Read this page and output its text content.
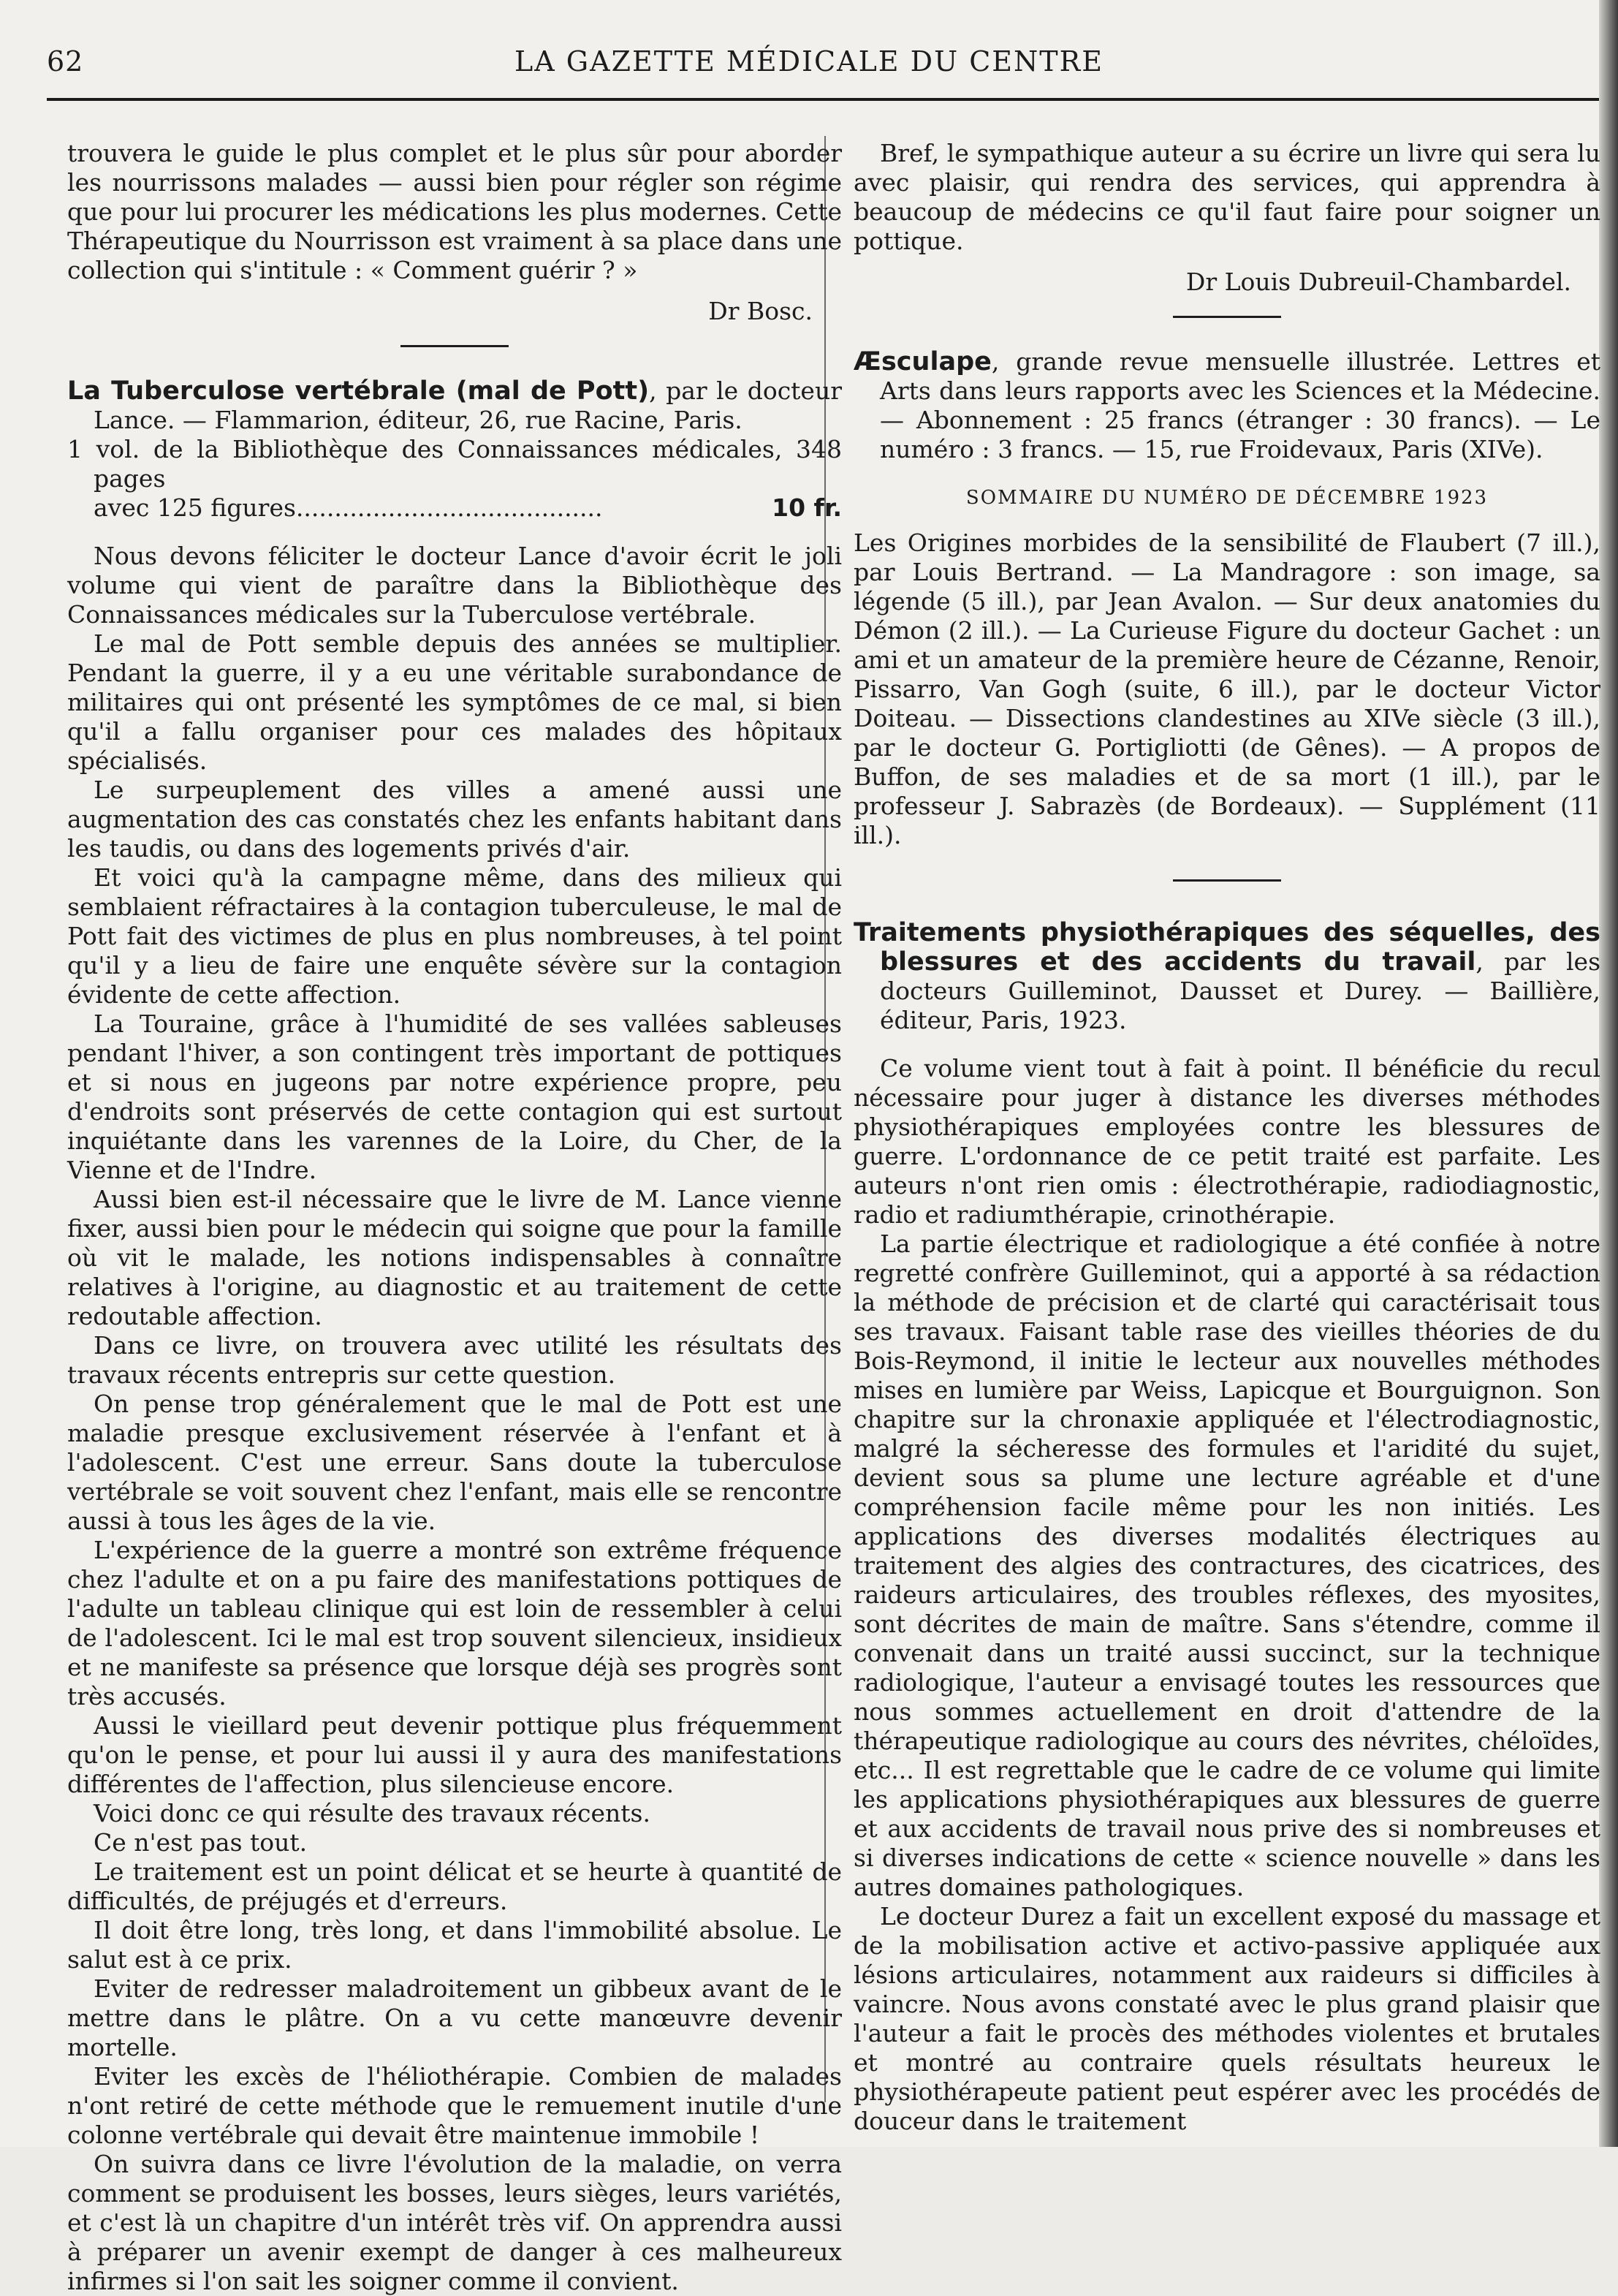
62	LA GAZETTE MÉDICALE DU CENTRE

trouvera le guide le plus complet et le plus sûr pour aborder les nourrissons malades — aussi bien pour régler son régime que pour lui procurer les médications les plus modernes. Cette Thérapeutique du Nourrisson est vraiment à sa place dans une collection qui s'intitule : « Comment guérir ? »

Dr Bosc.

La Tuberculose vertébrale (mal de Pott), par le docteur Lance. — Flammarion, éditeur, 26, rue Racine, Paris.

1 vol. de la Bibliothèque des Connaissances médicales, 348 pages

avec 125 figures........................................	10 fr.

Nous devons féliciter le docteur Lance d'avoir écrit le joli volume qui vient de paraître dans la Bibliothèque des Connaissances médicales sur la Tuberculose vertébrale.

Le mal de Pott semble depuis des années se multiplier. Pendant la guerre, il y a eu une véritable surabondance de militaires qui ont présenté les symptômes de ce mal, si bien qu'il a fallu organiser pour ces malades des hôpitaux spécialisés.

Le surpeuplement des villes a amené aussi une augmentation des cas constatés chez les enfants habitant dans les taudis, ou dans des logements privés d'air.

Et voici qu'à la campagne même, dans des milieux qui semblaient réfractaires à la contagion tuberculeuse, le mal de Pott fait des victimes de plus en plus nombreuses, à tel point qu'il y a lieu de faire une enquête sévère sur la contagion évidente de cette affection.

La Touraine, grâce à l'humidité de ses vallées sableuses pendant l'hiver, a son contingent très important de pottiques et si nous en jugeons par notre expérience propre, peu d'endroits sont préservés de cette contagion qui est surtout inquiétante dans les varennes de la Loire, du Cher, de la Vienne et de l'Indre.

Aussi bien est-il nécessaire que le livre de M. Lance vienne fixer, aussi bien pour le médecin qui soigne que pour la famille où vit le malade, les notions indispensables à connaître relatives à l'origine, au diagnostic et au traitement de cette redoutable affection.

Dans ce livre, on trouvera avec utilité les résultats des travaux récents entrepris sur cette question.

On pense trop généralement que le mal de Pott est une maladie presque exclusivement réservée à l'enfant et à l'adolescent. C'est une erreur. Sans doute la tuberculose vertébrale se voit souvent chez l'enfant, mais elle se rencontre aussi à tous les âges de la vie.

L'expérience de la guerre a montré son extrême fréquence chez l'adulte et on a pu faire des manifestations pottiques de l'adulte un tableau clinique qui est loin de ressembler à celui de l'adolescent. Ici le mal est trop souvent silencieux, insidieux et ne manifeste sa présence que lorsque déjà ses progrès sont très accusés.

Aussi le vieillard peut devenir pottique plus fréquemment qu'on le pense, et pour lui aussi il y aura des manifestations différentes de l'affection, plus silencieuse encore.

Voici donc ce qui résulte des travaux récents.

Ce n'est pas tout.

Le traitement est un point délicat et se heurte à quantité de difficultés, de préjugés et d'erreurs.

Il doit être long, très long, et dans l'immobilité absolue. Le salut est à ce prix.

Eviter de redresser maladroitement un gibbeux avant de le mettre dans le plâtre. On a vu cette manœuvre devenir mortelle.

Eviter les excès de l'héliothérapie. Combien de malades n'ont retiré de cette méthode que le remuement inutile d'une colonne vertébrale qui devait être maintenue immobile !

On suivra dans ce livre l'évolution de la maladie, on verra comment se produisent les bosses, leurs sièges, leurs variétés, et c'est là un chapitre d'un intérêt très vif. On apprendra aussi à préparer un avenir exempt de danger à ces malheureux infirmes si l'on sait les soigner comme il convient.

Bref, le sympathique auteur a su écrire un livre qui sera lu avec plaisir, qui rendra des services, qui apprendra à beaucoup de médecins ce qu'il faut faire pour soigner un pottique.

Dr Louis Dubreuil-Chambardel.

Æsculape, grande revue mensuelle illustrée. Lettres et Arts dans leurs rapports avec les Sciences et la Médecine. — Abonnement : 25 francs (étranger : 30 francs). — Le numéro : 3 francs. — 15, rue Froidevaux, Paris (XIVe).

SOMMAIRE DU NUMÉRO DE DÉCEMBRE 1923

Les Origines morbides de la sensibilité de Flaubert (7 ill.), par Louis Bertrand. — La Mandragore : son image, sa légende (5 ill.), par Jean Avalon. — Sur deux anatomies du Démon (2 ill.). — La Curieuse Figure du docteur Gachet : un ami et un amateur de la première heure de Cézanne, Renoir, Pissarro, Van Gogh (suite, 6 ill.), par le docteur Victor Doiteau. — Dissections clandestines au XIVe siècle (3 ill.), par le docteur G. Portigliotti (de Gênes). — A propos de Buffon, de ses maladies et de sa mort (1 ill.), par le professeur J. Sabrazès (de Bordeaux). — Supplément (11 ill.).

Traitements physiothérapiques des séquelles, des blessures et des accidents du travail, par les docteurs Guilleminot, Dausset et Durey. — Baillière, éditeur, Paris, 1923.

Ce volume vient tout à fait à point. Il bénéficie du recul nécessaire pour juger à distance les diverses méthodes physiothérapiques employées contre les blessures de guerre. L'ordonnance de ce petit traité est parfaite. Les auteurs n'ont rien omis : électrothérapie, radiodiagnostic, radio et radiumthérapie, crinothérapie.

La partie électrique et radiologique a été confiée à notre regretté confrère Guilleminot, qui a apporté à sa rédaction la méthode de précision et de clarté qui caractérisait tous ses travaux. Faisant table rase des vieilles théories de du Bois-Reymond, il initie le lecteur aux nouvelles méthodes mises en lumière par Weiss, Lapicque et Bourguignon. Son chapitre sur la chronaxie appliquée et l'électrodiagnostic, malgré la sécheresse des formules et l'aridité du sujet, devient sous sa plume une lecture agréable et d'une compréhension facile même pour les non initiés. Les applications des diverses modalités électriques au traitement des algies des contractures, des cicatrices, des raideurs articulaires, des troubles réflexes, des myosites, sont décrites de main de maître. Sans s'étendre, comme il convenait dans un traité aussi succinct, sur la technique radiologique, l'auteur a envisagé toutes les ressources que nous sommes actuellement en droit d'attendre de la thérapeutique radiologique au cours des névrites, chéloïdes, etc... Il est regrettable que le cadre de ce volume qui limite les applications physiothérapiques aux blessures de guerre et aux accidents de travail nous prive des si nombreuses et si diverses indications de cette « science nouvelle » dans les autres domaines pathologiques.

Le docteur Durez a fait un excellent exposé du massage et de la mobilisation active et activo-passive appliquée aux lésions articulaires, notamment aux raideurs si difficiles à vaincre. Nous avons constaté avec le plus grand plaisir que l'auteur a fait le procès des méthodes violentes et brutales et montré au contraire quels résultats heureux le physiothérapeute patient peut espérer avec les procédés de douceur dans le traitement
